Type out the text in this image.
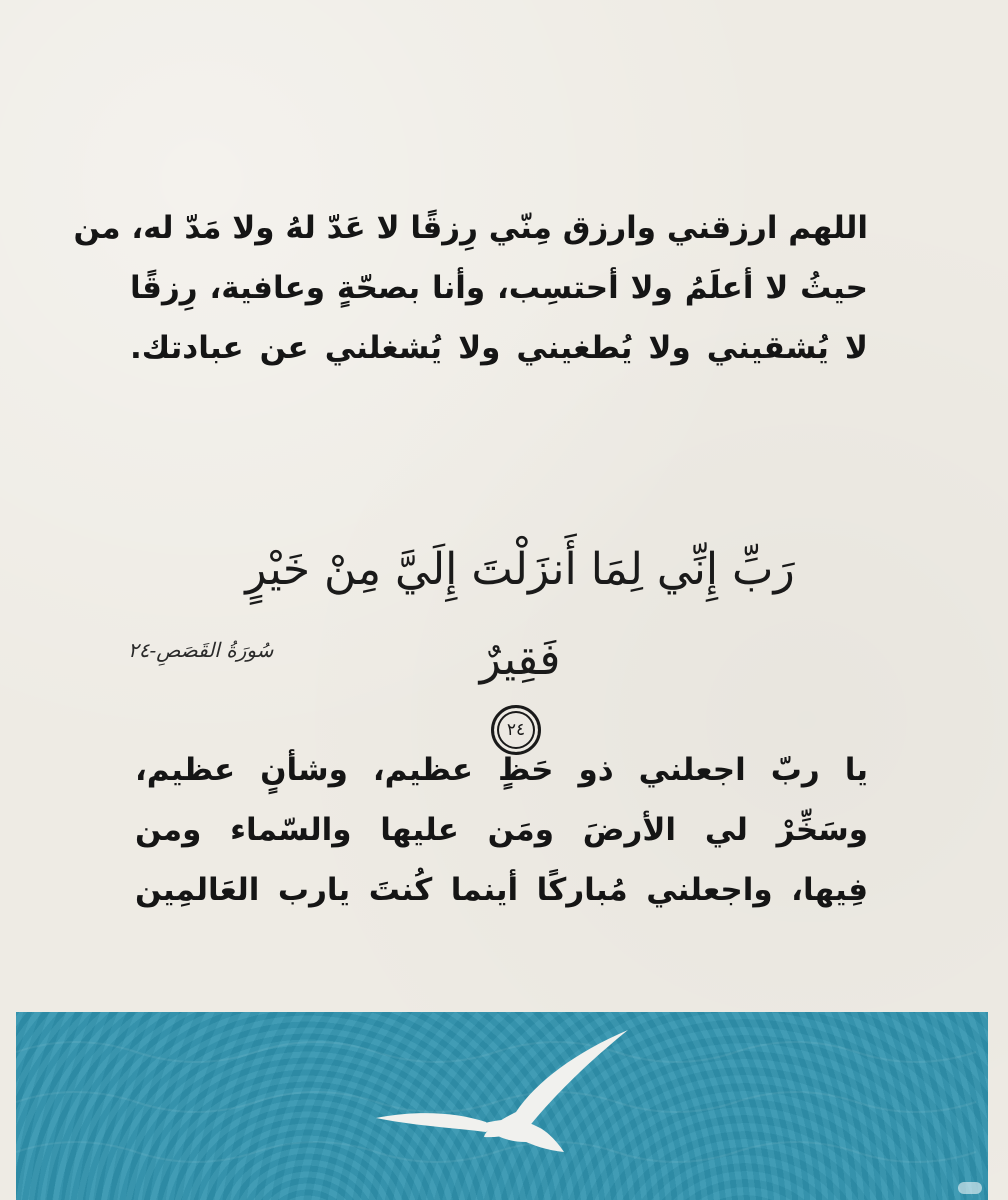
اللهم ارزقني وارزق مِنّي رِزقًا لا عَدّ لهُ ولا مَدّ له، من
حيثُ لا أعلَمُ ولا أحتسِب، وأنا بصحّةٍ وعافية، رِزقًا
لا يُشقيني ولا يُطغيني ولا يُشغلني عن عبادتك.
رَبِّ إِنِّي لِمَا أَنزَلْتَ إِلَيَّ مِنْ خَيْرٍ فَقِيرٌ٢٤
سُورَةُ القَصَصِ-٢٤
يا ربّ اجعلني ذو حَظٍ عظيم، وشأنٍ عظيم،
وسَخِّرْ لي الأرضَ ومَن عليها والسّماء ومن
فِيها، واجعلني مُباركًا أينما كُنتَ يارب العَالمِين
